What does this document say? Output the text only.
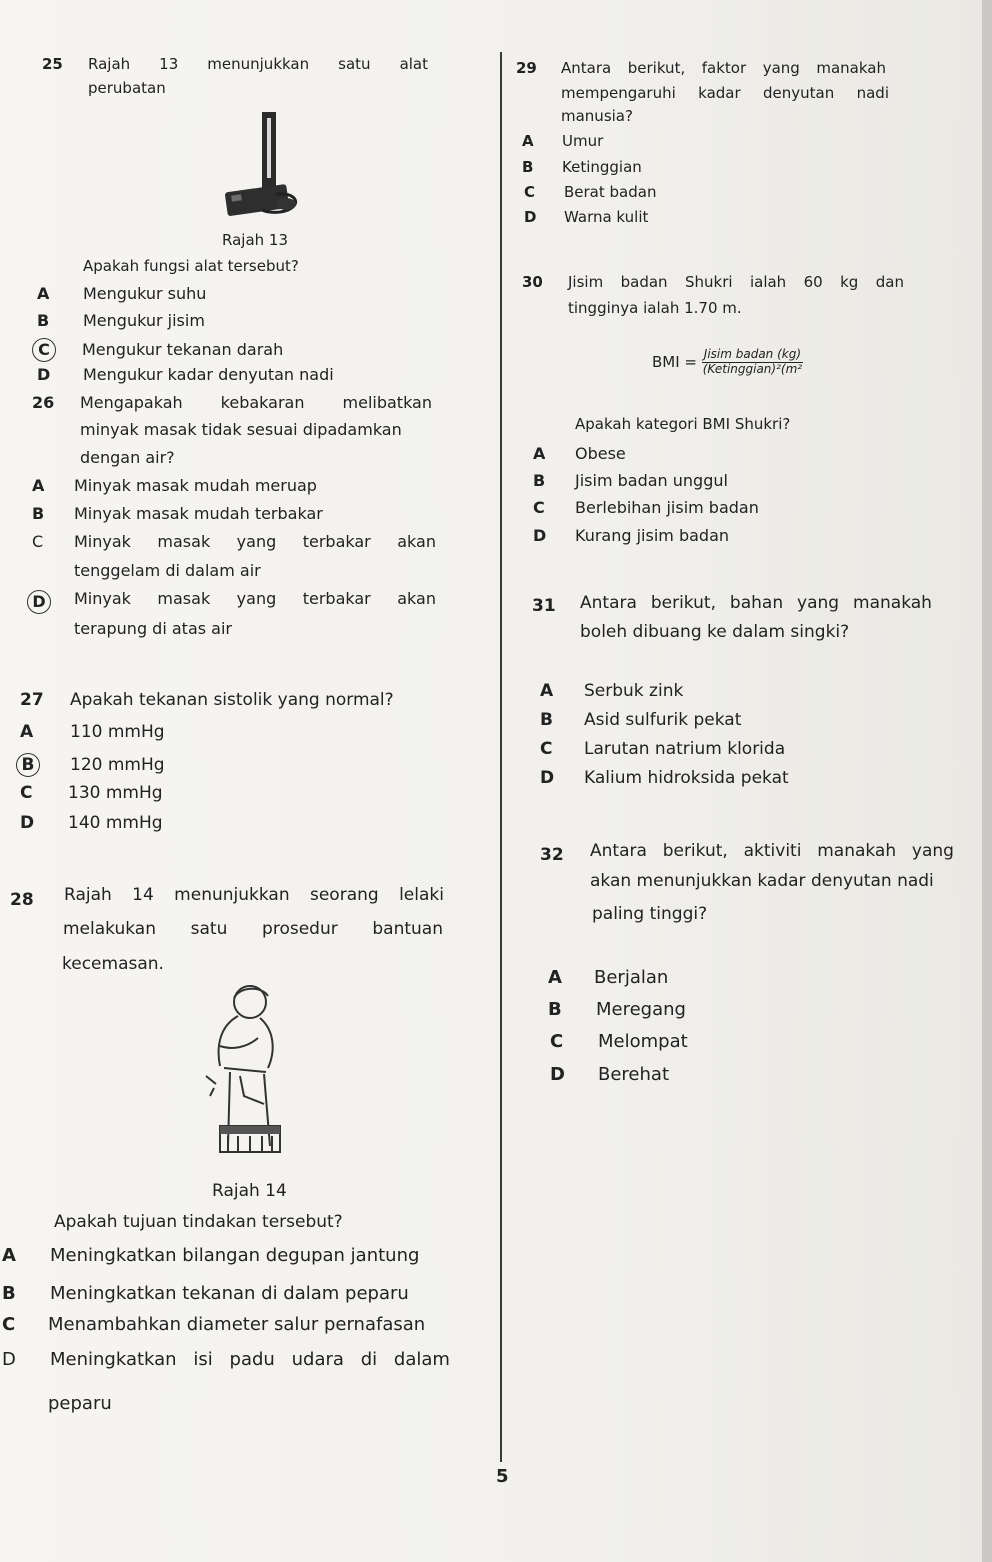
25 Rajah 13 menunjukkan satu alat
perubatan
Rajah 13
Apakah fungsi alat tersebut?
A Mengukur suhu
B Mengukur jisim
C Mengukur tekanan darah
D Mengukur kadar denyutan nadi
26 Mengapakah kebakaran melibatkan
minyak masak tidak sesuai dipadamkan
dengan air?
A Minyak masak mudah meruap
B Minyak masak mudah terbakar
C Minyak masak yang terbakar akan
tenggelam di dalam air
D	Minyak masak yang terbakar akan
terapung di atas air
27 Apakah tekanan sistolik yang normal?
A 110 mmHg
B 120 mmHg
C 130 mmHg
D 140 mmHg
28 Rajah 14 menunjukkan seorang lelaki
melakukan satu prosedur bantuan
kecemasan.
Rajah 14
Apakah tujuan tindakan tersebut?
A Meningkatkan bilangan degupan jantung
B Meningkatkan tekanan di dalam peparu
C Menambahkan diameter salur pernafasan
D Meningkatkan isi padu udara di dalam
peparu
29 Antara berikut, faktor yang manakah
mempengaruhi kadar denyutan nadi
manusia?
A Umur
B Ketinggian
C Berat badan
D Warna kulit
30 Jisim badan Shukri ialah 60 kg dan
tingginya ialah 1.70 m.
BMI = $\frac{\text{Jisim badan (kg)}}{\text{(Ketinggian)²(m²}}$
Apakah kategori BMI Shukri?
A Obese
B Jisim badan unggul
C Berlebihan jisim badan
D Kurang jisim badan
31 Antara berikut, bahan yang manakah
boleh dibuang ke dalam singki?
A Serbuk zink
B Asid sulfurik pekat
C Larutan natrium klorida
D Kalium hidroksida pekat
32 Antara berikut, aktiviti manakah yang
akan menunjukkan kadar denyutan nadi
paling tinggi?
A Berjalan
B Meregang
C Melompat
D Berehat
5
